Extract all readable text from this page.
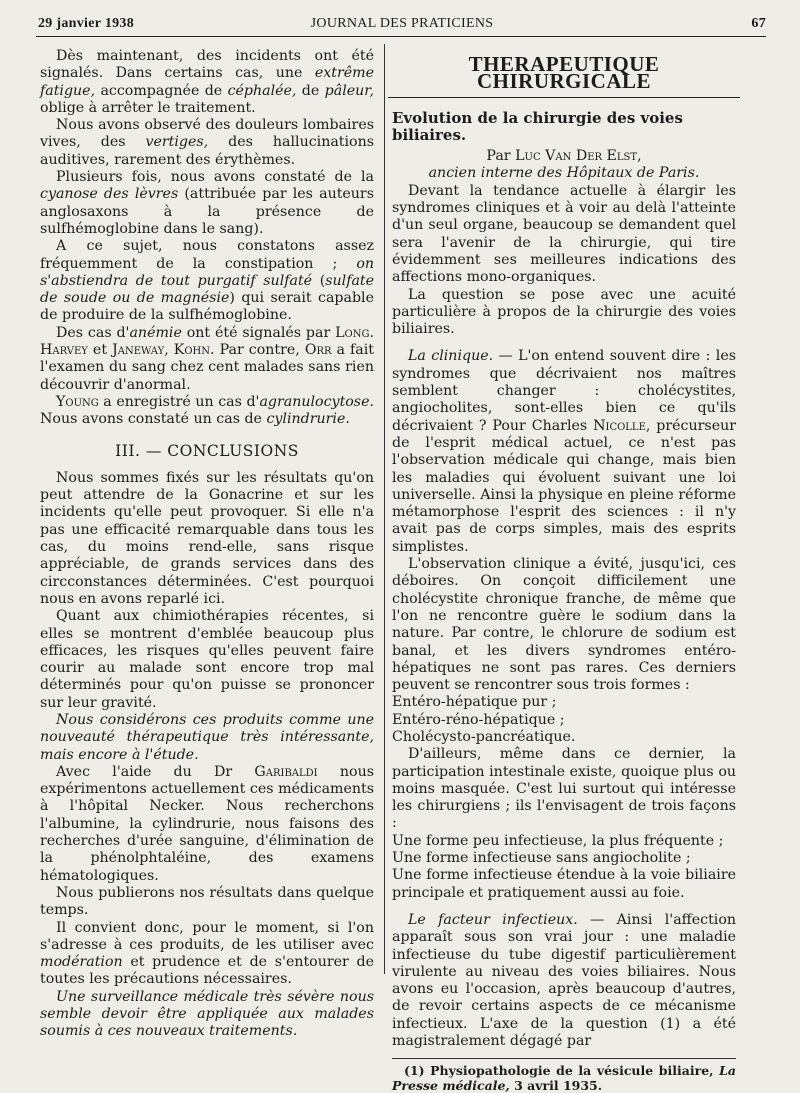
29 janvier 1938	JOURNAL DES PRATICIENS	67

Dès maintenant, des incidents ont été signalés. Dans certains cas, une extrême fatigue, accompagnée de céphalée, de pâleur, oblige à arrêter le traitement.

Nous avons observé des douleurs lombaires vives, des vertiges, des hallucinations auditives, rarement des érythèmes.

Plusieurs fois, nous avons constaté de la cyanose des lèvres (attribuée par les auteurs anglosaxons à la présence de sulfhémoglobine dans le sang).

A ce sujet, nous constatons assez fréquemment de la constipation ; on s'abstiendra de tout purgatif sulfaté (sulfate de soude ou de magnésie) qui serait capable de produire de la sulfhémoglobine.

Des cas d'anémie ont été signalés par Long. Harvey et Janeway, Kohn. Par contre, Orr a fait l'examen du sang chez cent malades sans rien découvrir d'anormal.

Young a enregistré un cas d'agranulocytose. Nous avons constaté un cas de cylindrurie.

III. — CONCLUSIONS

Nous sommes fixés sur les résultats qu'on peut attendre de la Gonacrine et sur les incidents qu'elle peut provoquer. Si elle n'a pas une efficacité remarquable dans tous les cas, du moins rend-elle, sans risque appréciable, de grands services dans des circconstances déterminées. C'est pourquoi nous en avons reparlé ici.

Quant aux chimiothérapies récentes, si elles se montrent d'emblée beaucoup plus efficaces, les risques qu'elles peuvent faire courir au malade sont encore trop mal déterminés pour qu'on puisse se prononcer sur leur gravité.

Nous considérons ces produits comme une nouveauté thérapeutique très intéressante, mais encore à l'étude.

Avec l'aide du Dr Garibaldi nous expérimentons actuellement ces médicaments à l'hôpital Necker. Nous recherchons l'albumine, la cylindrurie, nous faisons des recherches d'urée sanguine, d'élimination de la phénolphtaléine, des examens hématologiques.

Nous publierons nos résultats dans quelque temps.

Il convient donc, pour le moment, si l'on s'adresse à ces produits, de les utiliser avec modération et prudence et de s'entourer de toutes les précautions nécessaires.

Une surveillance médicale très sévère nous semble devoir être appliquée aux malades soumis à ces nouveaux traitements.

THERAPEUTIQUE CHIRURGICALE
Evolution de la chirurgie des voies biliaires.

Par Luc Van Der Elst,

ancien interne des Hôpitaux de Paris.

Devant la tendance actuelle à élargir les syndromes cliniques et à voir au delà l'atteinte d'un seul organe, beaucoup se demandent quel sera l'avenir de la chirurgie, qui tire évidemment ses meilleures indications des affections mono-organiques.

La question se pose avec une acuité particulière à propos de la chirurgie des voies biliaires.

La clinique. — L'on entend souvent dire : les syndromes que décrivaient nos maîtres semblent changer : cholécystites, angiocholites, sont-elles bien ce qu'ils décrivaient ? Pour Charles Nicolle, précurseur de l'esprit médical actuel, ce n'est pas l'observation médicale qui change, mais bien les maladies qui évoluent suivant une loi universelle. Ainsi la physique en pleine réforme métamorphose l'esprit des sciences : il n'y avait pas de corps simples, mais des esprits simplistes.

L'observation clinique a évité, jusqu'ici, ces déboires. On conçoit difficilement une cholécystite chronique franche, de même que l'on ne rencontre guère le sodium dans la nature. Par contre, le chlorure de sodium est banal, et les divers syndromes entéro-hépatiques ne sont pas rares. Ces derniers peuvent se rencontrer sous trois formes :

Entéro-hépatique pur ;

Entéro-réno-hépatique ;

Cholécysto-pancréatique.

D'ailleurs, même dans ce dernier, la participation intestinale existe, quoique plus ou moins masquée. C'est lui surtout qui intéresse les chirurgiens ; ils l'envisagent de trois façons :

Une forme peu infectieuse, la plus fréquente ;

Une forme infectieuse sans angiocholite ;

Une forme infectieuse étendue à la voie biliaire principale et pratiquement aussi au foie.

Le facteur infectieux. — Ainsi l'affection apparaît sous son vrai jour : une maladie infectieuse du tube digestif particulièrement virulente au niveau des voies biliaires. Nous avons eu l'occasion, après beaucoup d'autres, de revoir certains aspects de ce mécanisme infectieux. L'axe de la question (1) a été magistralement dégagé par

(1) Physiopathologie de la vésicule biliaire, La Presse médicale, 3 avril 1935.
